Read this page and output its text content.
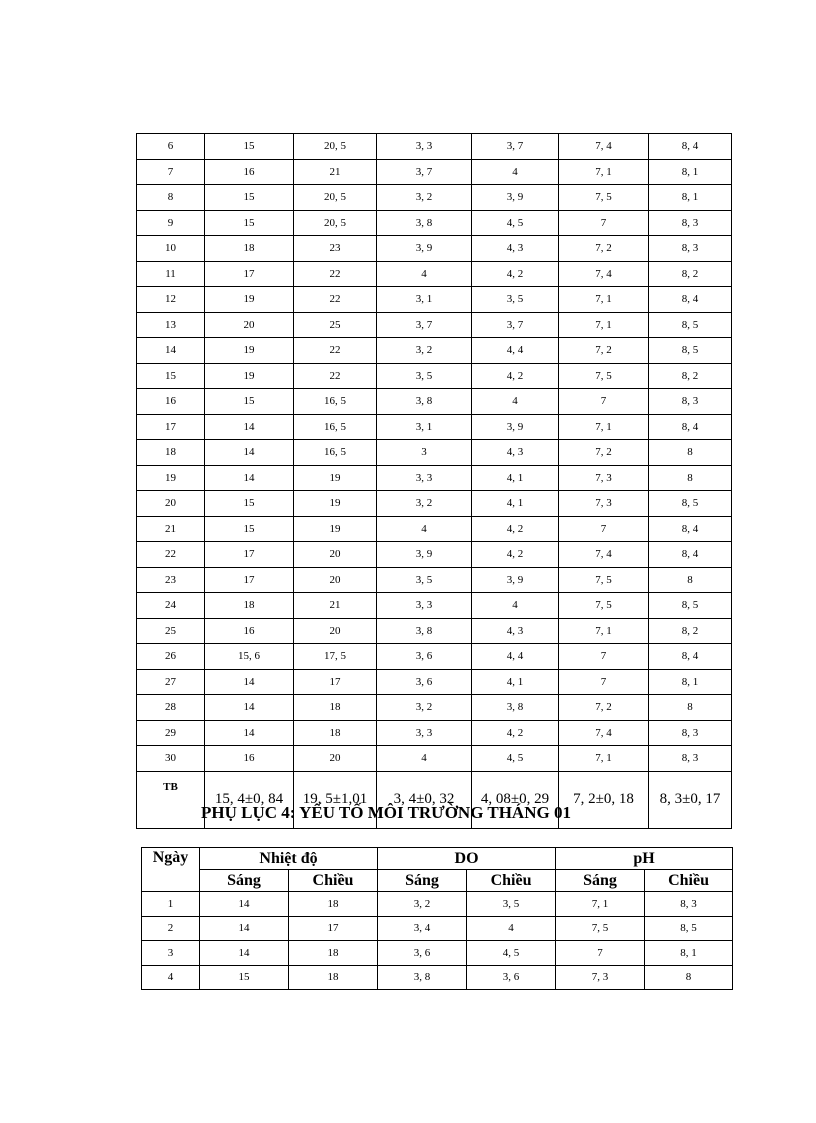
6	15	20, 5	3, 3	3, 7	7, 4	8, 4
7	16	21	3, 7	4	7, 1	8, 1
8	15	20, 5	3, 2	3, 9	7, 5	8, 1
9	15	20, 5	3, 8	4, 5	7	8, 3
10	18	23	3, 9	4, 3	7, 2	8, 3
11	17	22	4	4, 2	7, 4	8, 2
12	19	22	3, 1	3, 5	7, 1	8, 4
13	20	25	3, 7	3, 7	7, 1	8, 5
14	19	22	3, 2	4, 4	7, 2	8, 5
15	19	22	3, 5	4, 2	7, 5	8, 2
16	15	16, 5	3, 8	4	7	8, 3
17	14	16, 5	3, 1	3, 9	7, 1	8, 4
18	14	16, 5	3	4, 3	7, 2	8
19	14	19	3, 3	4, 1	7, 3	8
20	15	19	3, 2	4, 1	7, 3	8, 5
21	15	19	4	4, 2	7	8, 4
22	17	20	3, 9	4, 2	7, 4	8, 4
23	17	20	3, 5	3, 9	7, 5	8
24	18	21	3, 3	4	7, 5	8, 5
25	16	20	3, 8	4, 3	7, 1	8, 2
26	15, 6	17, 5	3, 6	4, 4	7	8, 4
27	14	17	3, 6	4, 1	7	8, 1
28	14	18	3, 2	3, 8	7, 2	8
29	14	18	3, 3	4, 2	7, 4	8, 3
30	16	20	4	4, 5	7, 1	8, 3
TB	15, 4±0, 84	19, 5±1,01	3, 4±0, 32	4, 08±0, 29	7, 2±0, 18	8, 3±0, 17
PHỤ LỤC 4: YẾU TỐ MÔI TRƯỜNG THÁNG 01
Ngày	Nhiệt độ		DO		pH	
	Sáng	Chiều	Sáng	Chiều	Sáng	Chiều
1	14	18	3, 2	3, 5	7, 1	8, 3
2	14	17	3, 4	4	7, 5	8, 5
3	14	18	3, 6	4, 5	7	8, 1
4	15	18	3, 8	3, 6	7, 3	8
